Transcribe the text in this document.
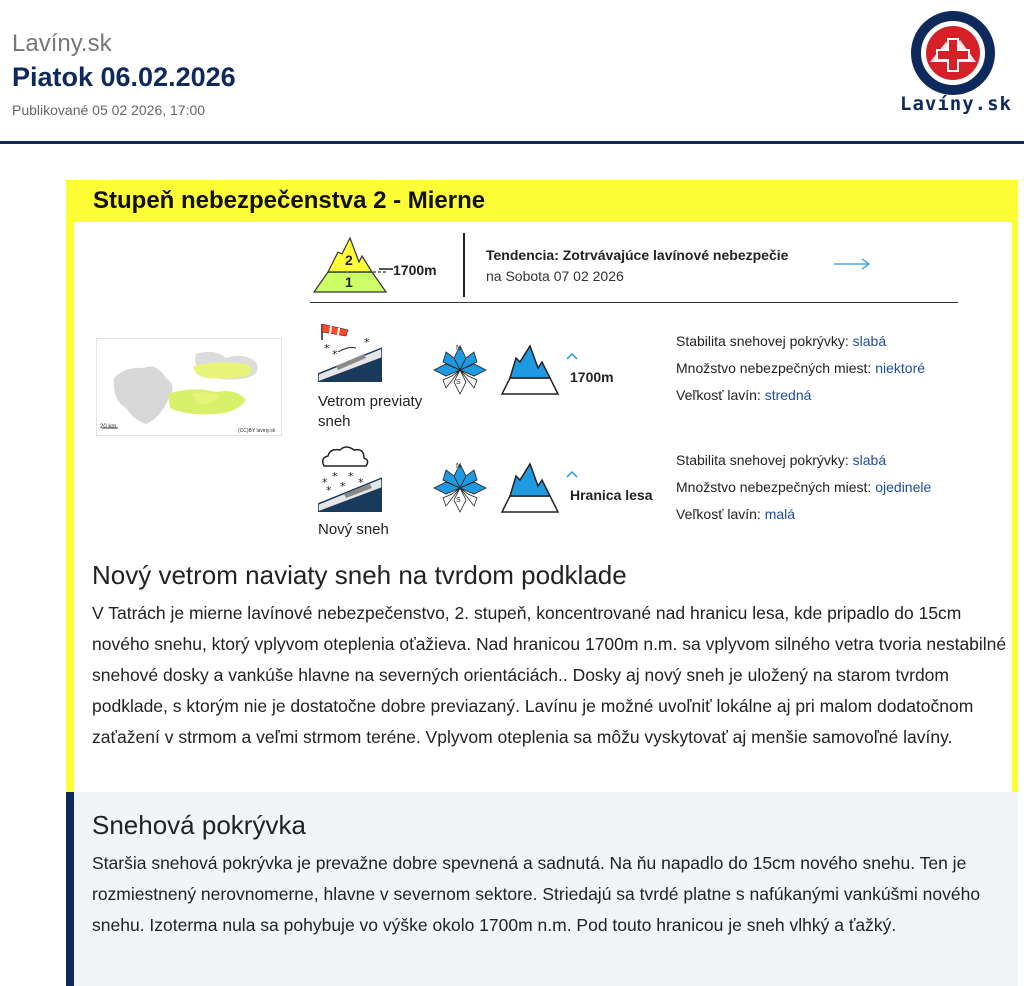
Lavíny.sk
Piatok 06.02.2026
Publikované 05 02 2026, 17:00	Lavíny.sk
Stupeň nebezpečenstva 2 - Mierne
2
1
1700m
Tendencia: Zotrvávajúce lavínové nebezpečie
na Sobota 07 02 2026
20 km
(CC)BY laviny.sk
* *
*
Vetrom previaty sneh
N
S	1700m
Stabilita snehovej pokrývky: slabá
Množstvo nebezpečných miest: niektoré
Veľkosť lavín: stredná
* *
*
*
*
*
Nový sneh
N
S	Hranica lesa
Stabilita snehovej pokrývky: slabá
Množstvo nebezpečných miest: ojedinele
Veľkosť lavín: malá
Nový vetrom naviaty sneh na tvrdom podklade
V Tatrách je mierne lavínové nebezpečenstvo, 2. stupeň, koncentrované nad hranicu lesa, kde pripadlo do 15cm nového snehu, ktorý vplyvom oteplenia oťažieva. Nad hranicou 1700m n.m. sa vplyvom silného vetra tvoria nestabilné snehové dosky a vankúše hlavne na severných orientáciách.. Dosky aj nový sneh je uložený na starom tvrdom podklade, s ktorým nie je dostatočne dobre previazaný. Lavínu je možné uvoľniť lokálne aj pri malom dodatočnom zaťažení v strmom a veľmi strmom teréne. Vplyvom oteplenia sa môžu vyskytovať aj menšie samovoľné lavíny.
Snehová pokrývka
Staršia snehová pokrývka je prevažne dobre spevnená a sadnutá. Na ňu napadlo do 15cm nového snehu. Ten je rozmiestnený nerovnomerne, hlavne v severnom sektore. Striedajú sa tvrdé platne s nafúkanými vankúšmi nového snehu. Izoterma nula sa pohybuje vo výške okolo 1700m n.m. Pod touto hranicou je sneh vlhký a ťažký.
